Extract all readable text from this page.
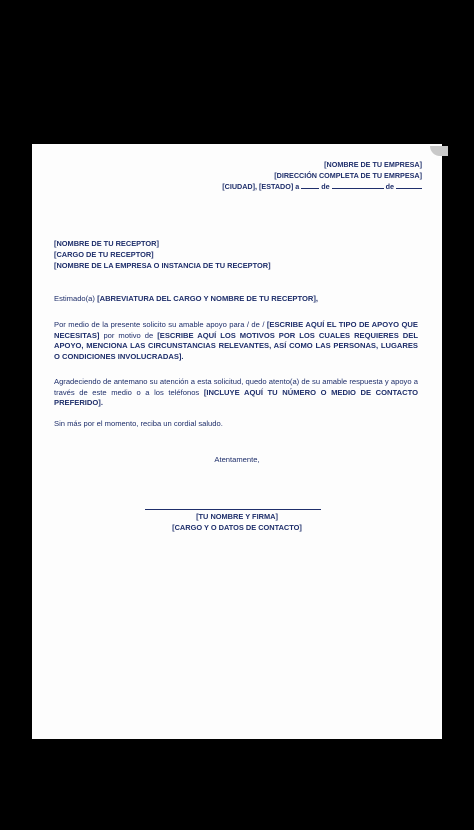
[NOMBRE DE TU EMPRESA]
[DIRECCIÓN COMPLETA DE TU EMRPESA]
[CIUDAD], [ESTADO] a	de	de
[NOMBRE DE TU RECEPTOR]
[CARGO DE TU RECEPTOR]
[NOMBRE DE LA EMPRESA O INSTANCIA DE TU RECEPTOR]
Estimado(a) [ABREVIATURA DEL CARGO Y NOMBRE DE TU RECEPTOR],
Por medio de la presente solicito su amable apoyo para / de / [ESCRIBE AQUÍ EL TIPO DE APOYO QUE NECESITAS] por motivo de [ESCRIBE AQUÍ LOS MOTIVOS POR LOS CUALES REQUIERES DEL APOYO, MENCIONA LAS CIRCUNSTANCIAS RELEVANTES, ASÍ COMO LAS PERSONAS, LUGARES O CONDICIONES INVOLUCRADAS].
Agradeciendo de antemano su atención a esta solicitud, quedo atento(a) de su amable respuesta y apoyo a través de este medio o a los teléfonos [INCLUYE AQUÍ TU NÚMERO O MEDIO DE CONTACTO PREFERIDO].
Sin más por el momento, reciba un cordial saludo.
Atentamente,
[TU NOMBRE Y FIRMA]
[CARGO Y O DATOS DE CONTACTO]
